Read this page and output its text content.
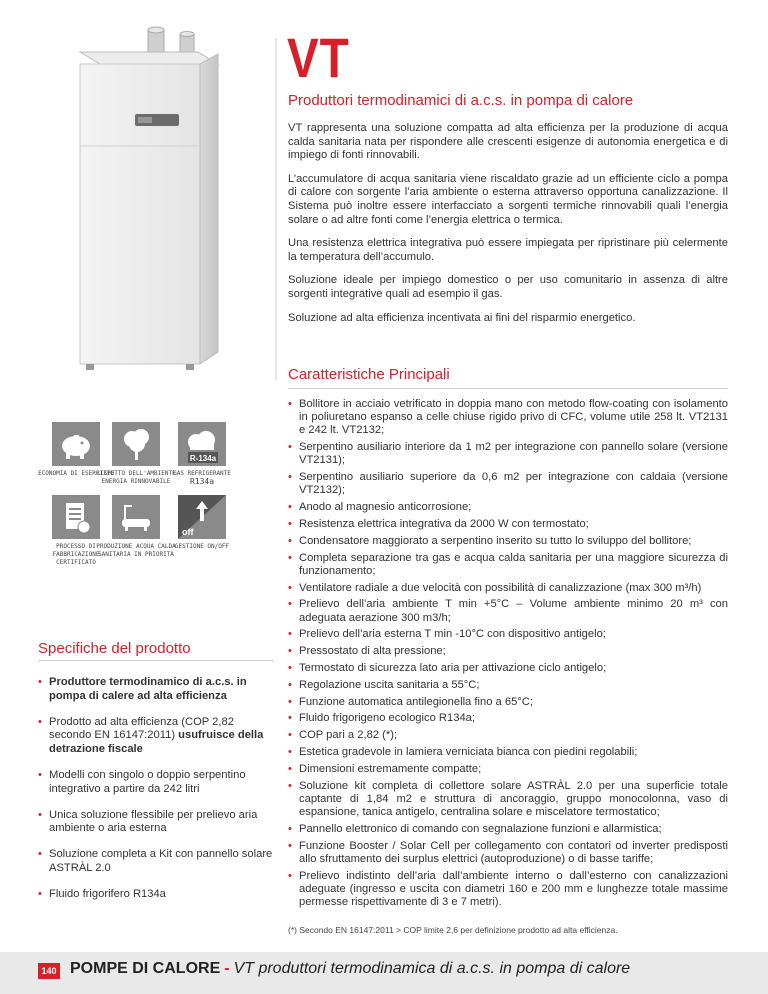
VT
Produttori termodinamici di a.c.s. in pompa di calore

VT rappresenta una soluzione compatta ad alta efficienza per la produzione di acqua calda sanitaria nata per rispondere alle crescenti esigenze di autonomia energetica e di impiego di fonti rinnovabili.

L’accumulatore di acqua sanitaria viene riscaldato grazie ad un efficiente ciclo a pompa di calore con sorgente l’aria ambiente o esterna attraverso opportuna canalizzazione. Il Sistema può inoltre essere interfacciato a sorgenti termiche rinnovabili quali l’energia solare o ad altre fonti come l’energia elettrica o termica.

Una resistenza elettrica integrativa può essere impiegata per ripristinare più celermente la temperatura dell’accumulo.

Soluzione ideale per impiego domestico o per uso comunitario in assenza di altre sorgenti integrative quali ad esempio il gas.

Soluzione ad alta efficienza incentivata ai fini del risparmio energetico.

Caratteristiche Principali
ECONOMIA DI ESERCIZIO
RISPETTO DELL'AMBIENTE ENERGIA RINNOVABILE
R-134a
GAS REFRIGERANTE
R134a
PROCESSO DI FABBRICAZIONE CERTIFICATO
PRODUZIONE ACQUA CALDA SANITARIA IN PRIORITÀ
off
GESTIONE ON/OFF
Specifiche del prodotto
• Produttore termodinamico di a.c.s. in pompa di calere ad alta efficienza
• Prodotto ad alta efficienza (COP 2,82 secondo EN 16147:2011) usufruisce della detrazione fiscale
• Modelli con singolo o doppio serpentino integrativo a partire da 242 litri
• Unica soluzione flessibile per prelievo aria ambiente o aria esterna
• Soluzione completa a Kit con pannello solare ASTRÀL 2.0
• Fluido frigorifero R134a
• Bollitore in acciaio vetrificato in doppia mano con metodo flow-coating con isolamento in poliuretano espanso a celle chiuse rigido privo di CFC, volume utile 258 lt. VT2131 e 242 lt. VT2132;
• Serpentino ausiliario interiore da 1 m2 per integrazione con pannello solare (versione VT2131);
• Serpentino ausiliario superiore da 0,6 m2 per integrazione con caldaia (versione VT2132);
• Anodo al magnesio anticorrosione;
• Resistenza elettrica integrativa da 2000 W con termostato;
• Condensatore maggiorato a serpentino inserito su tutto lo sviluppo del bollitore;
• Completa separazione tra gas e acqua calda sanitaria per una maggiore sicurezza di funzionamento;
• Ventilatore radiale a due velocità con possibilità di canalizzazione (max 300 m³/h)
• Prelievo dell’aria ambiente T min +5°C – Volume ambiente minimo 20 m³ con adeguata aerazione 300 m3/h;
• Prelievo dell’aria esterna T min -10°C con dispositivo antigelo;
• Pressostato di alta pressione;
• Termostato di sicurezza lato aria per attivazione ciclo antigelo;
• Regolazione uscita sanitaria a 55°C;
• Funzione automatica antilegionella fino a 65°C;
• Fluido frigorigeno ecologico R134a;
• COP pari a 2,82 (*);
• Estetica gradevole in lamiera verniciata bianca con piedini regolabili;
• Dimensioni estremamente compatte;
• Soluzione kit completa di collettore solare ASTRÀL 2.0 per una superficie totale captante di 1,84 m2 e struttura di ancoraggio, gruppo monocolonna, vaso di espansione, tanica antigelo, centralina solare e miscelatore termostatico;
• Pannello elettronico di comando con segnalazione funzioni e allarmistica;
• Funzione Booster / Solar Cell per collegamento con contatori od inverter predisposti allo sfruttamento dei surplus elettrici (autoproduzione) o di basse tariffe;
• Prelievo indistinto dell’aria dall’ambiente interno o dall’esterno con canalizzazioni adeguate (ingresso e uscita con diametri 160 e 200 mm e lunghezze totale massime permesse rispettivamente di 3 e 7 metri).
(*) Secondo EN 16147:2011 > COP limite 2,6 per definizione prodotto ad alta efficienza.
140 POMPE DI CALORE - VT produttori termodinamica di a.c.s. in pompa di calore
